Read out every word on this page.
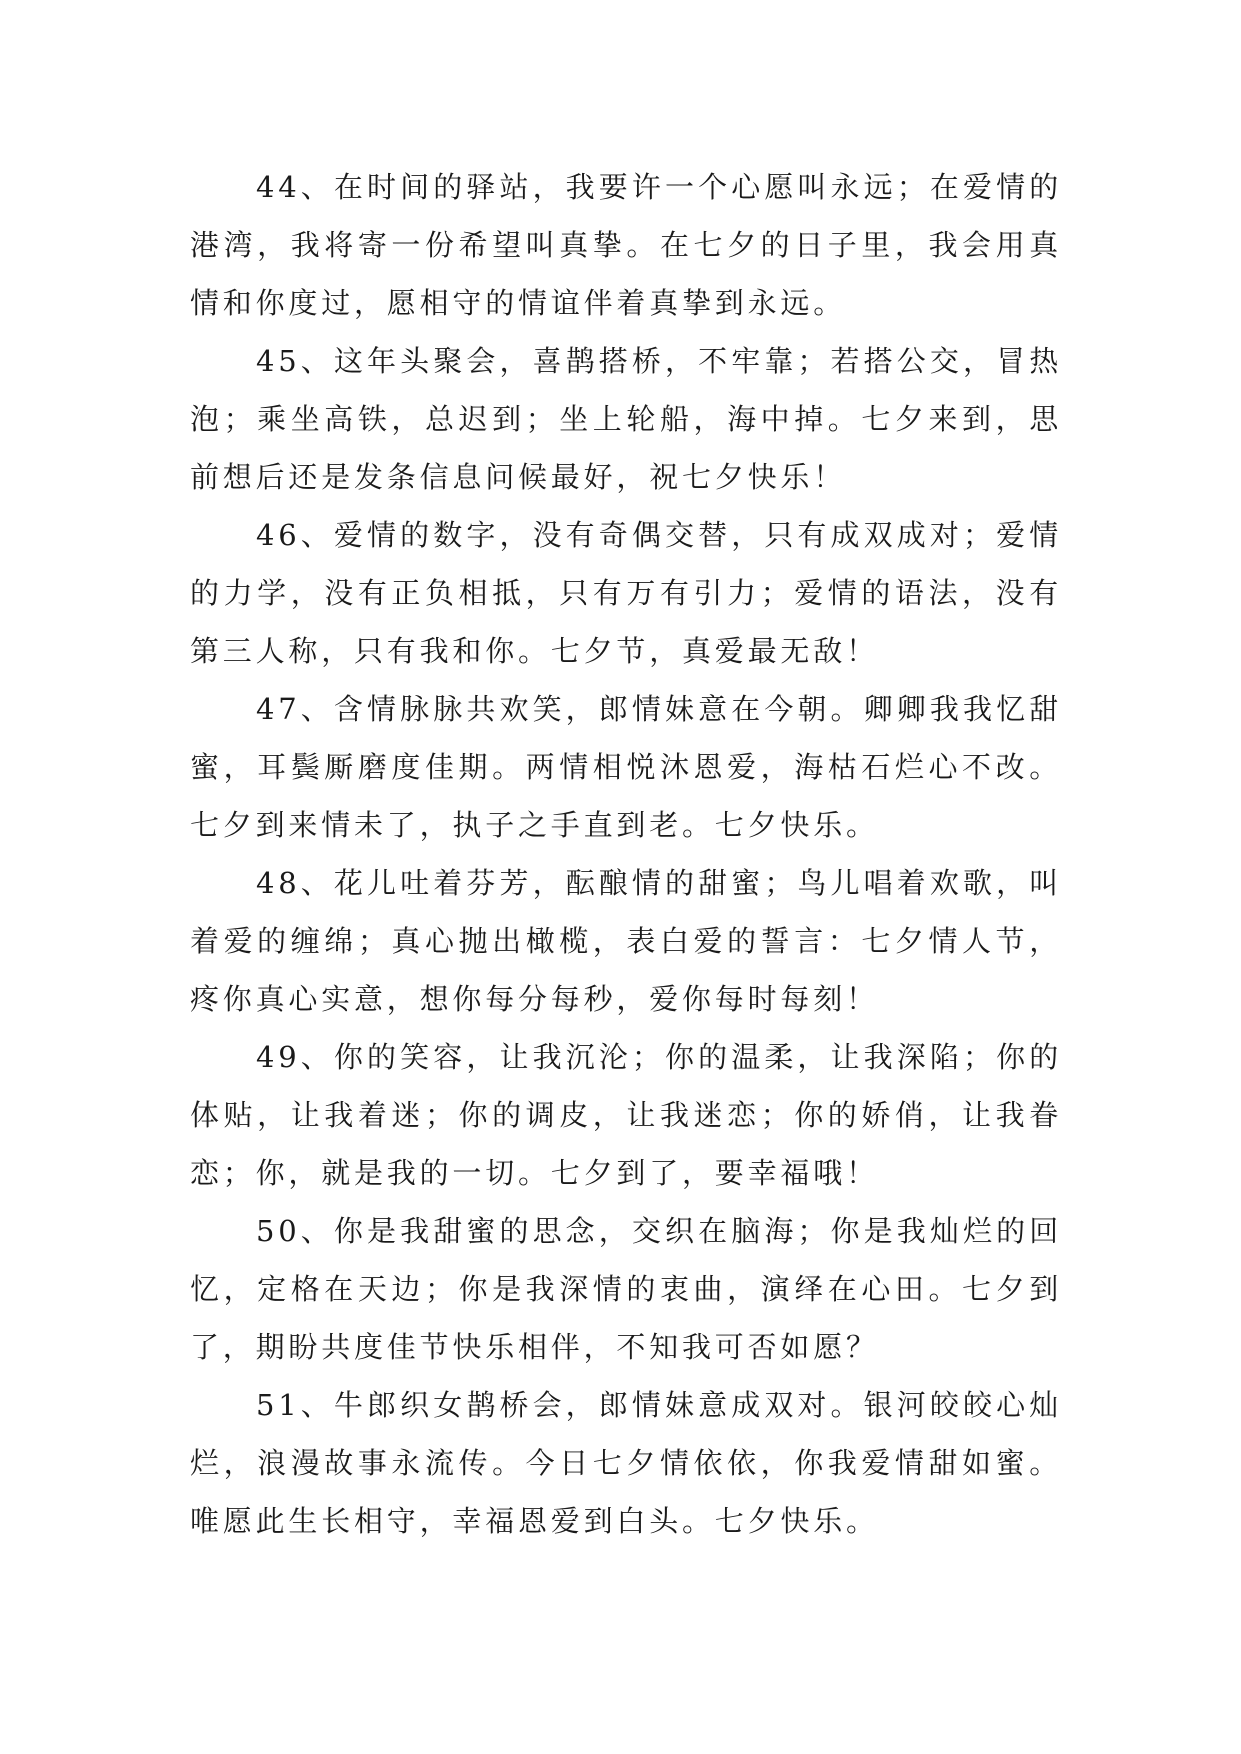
44、在时间的驿站，我要许一个心愿叫永远；在爱情的港湾，我将寄一份希望叫真挚。在七夕的日子里，我会用真情和你度过，愿相守的情谊伴着真挚到永远。

45、这年头聚会，喜鹊搭桥，不牢靠；若搭公交，冒热泡；乘坐高铁，总迟到；坐上轮船，海中掉。七夕来到，思前想后还是发条信息问候最好，祝七夕快乐！

46、爱情的数字，没有奇偶交替，只有成双成对；爱情的力学，没有正负相抵，只有万有引力；爱情的语法，没有第三人称，只有我和你。七夕节，真爱最无敌！

47、含情脉脉共欢笑，郎情妹意在今朝。卿卿我我忆甜蜜，耳鬓厮磨度佳期。两情相悦沐恩爱，海枯石烂心不改。七夕到来情未了，执子之手直到老。七夕快乐。

48、花儿吐着芬芳，酝酿情的甜蜜；鸟儿唱着欢歌，叫着爱的缠绵；真心抛出橄榄，表白爱的誓言：七夕情人节，疼你真心实意，想你每分每秒，爱你每时每刻！

49、你的笑容，让我沉沦；你的温柔，让我深陷；你的体贴，让我着迷；你的调皮，让我迷恋；你的娇俏，让我眷恋；你，就是我的一切。七夕到了，要幸福哦！

50、你是我甜蜜的思念，交织在脑海；你是我灿烂的回忆，定格在天边；你是我深情的衷曲，演绎在心田。七夕到了，期盼共度佳节快乐相伴，不知我可否如愿？

51、牛郎织女鹊桥会，郎情妹意成双对。银河皎皎心灿烂，浪漫故事永流传。今日七夕情依依，你我爱情甜如蜜。唯愿此生长相守，幸福恩爱到白头。七夕快乐。
